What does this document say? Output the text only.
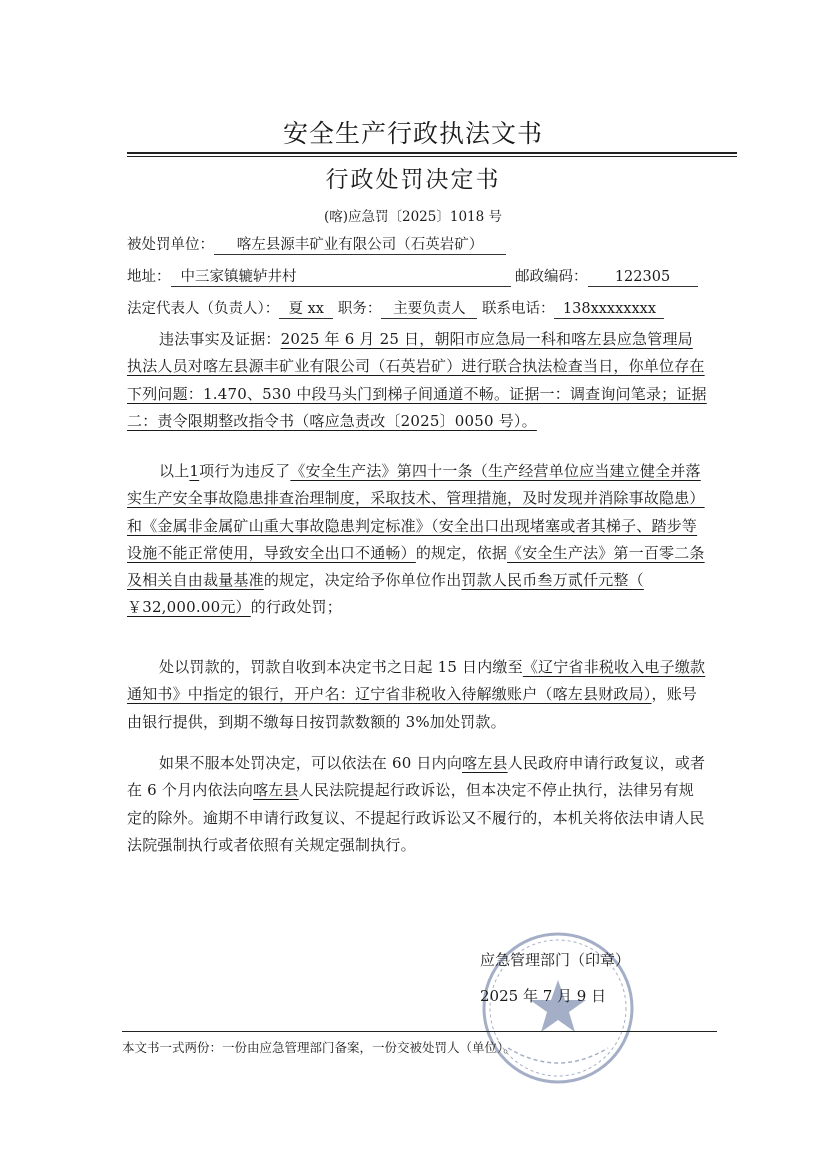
安全生产行政执法文书
行政处罚决定书
(喀)应急罚〔2025〕1018 号
被处罚单位： 喀左县源丰矿业有限公司（石英岩矿）
地址： 中三家镇辘轳井村	邮政编码： 122305
法定代表人（负责人）： 夏 xx 职务： 主要负责人 联系电话： 138xxxxxxxx
违法事实及证据：2025 年 6 月 25 日，朝阳市应急局一科和喀左县应急管理局执法人员对喀左县源丰矿业有限公司（石英岩矿）进行联合执法检查当日，你单位存在下列问题：1.470、530 中段马头门到梯子间通道不畅。证据一：调查询问笔录；证据二：责令限期整改指令书（喀应急责改〔2025〕0050 号）。
以上1项行为违反了《安全生产法》第四十一条（生产经营单位应当建立健全并落实生产安全事故隐患排查治理制度，采取技术、管理措施，及时发现并消除事故隐患）和《金属非金属矿山重大事故隐患判定标准》（安全出口出现堵塞或者其梯子、踏步等设施不能正常使用，导致安全出口不通畅）的规定，依据《安全生产法》第一百零二条及相关自由裁量基准的规定，决定给予你单位作出罚款人民币叁万贰仟元整（ ￥32,000.00元）的行政处罚；
处以罚款的，罚款自收到本决定书之日起 15 日内缴至《辽宁省非税收入电子缴款通知书》中指定的银行，开户名：辽宁省非税收入待解缴账户（喀左县财政局），账号由银行提供，到期不缴每日按罚款数额的 3%加处罚款。
如果不服本处罚决定，可以依法在 60 日内向喀左县人民政府申请行政复议，或者在 6 个月内依法向喀左县人民法院提起行政诉讼，但本决定不停止执行，法律另有规定的除外。逾期不申请行政复议、不提起行政诉讼又不履行的，本机关将依法申请人民法院强制执行或者依照有关规定强制执行。
应急管理部门（印章）
2025 年 7 月 9 日
本文书一式两份：一份由应急管理部门备案，一份交被处罚人（单位）。
